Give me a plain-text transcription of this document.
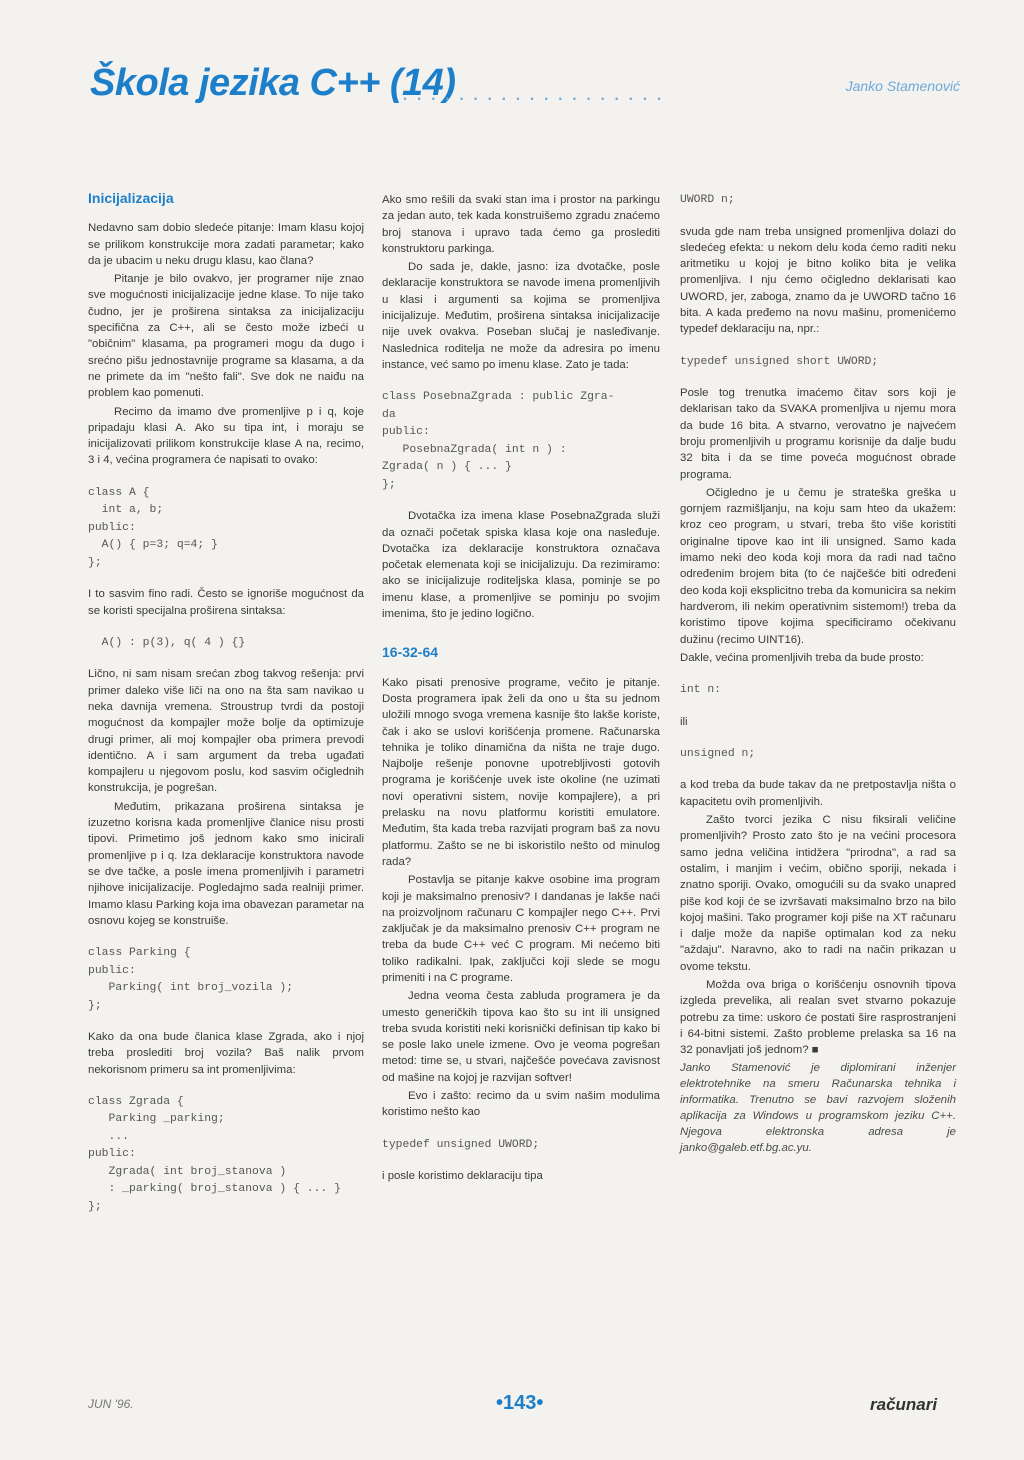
Škola jezika C++ (14)
...................	Janko Stamenović
Inicijalizacija

Nedavno sam dobio sledeće pitanje: Imam klasu kojoj se prilikom konstrukcije mora zadati parametar; kako da je ubacim u neku drugu klasu, kao člana?

Pitanje je bilo ovakvo, jer programer nije znao sve mogućnosti inicijalizacije jedne klase. To nije tako čudno, jer je proširena sintaksa za inicijalizaciju specifična za C++, ali se često može izbeći u "običnim" klasama, pa programeri mogu da dugo i srećno pišu jednostavnije programe sa klasama, a da ne primete da im "nešto fali". Sve dok ne naiđu na problem kao pomenuti.

Recimo da imamo dve promenljive p i q, koje pripadaju klasi A. Ako su tipa int, i moraju se inicijalizovati prilikom konstrukcije klase A na, recimo, 3 i 4, većina programera će napisati to ovako:

class A {
int a, b;
public:
A() { p=3; q=4; }
};

I to sasvim fino radi. Često se ignoriše mogućnost da se koristi specijalna proširena sintaksa:

A() : p(3), q( 4 ) {}

Lično, ni sam nisam srećan zbog takvog rešenja: prvi primer daleko više liči na ono na šta sam navikao u neka davnija vremena. Stroustrup tvrdi da postoji mogućnost da kompajler može bolje da optimizuje drugi primer, ali moj kompajler oba primera prevodi identično. A i sam argument da treba ugađati kompajleru u njegovom poslu, kod sasvim očiglednih konstrukcija, je pogrešan.

Međutim, prikazana proširena sintaksa je izuzetno korisna kada promenljive članice nisu prosti tipovi. Primetimo još jednom kako smo inicirali promenljive p i q. Iza deklaracije konstruktora navode se dve tačke, a posle imena promenljivih i parametri njihove inicijalizacije. Pogledajmo sada realniji primer. Imamo klasu Parking koja ima obavezan parametar na osnovu kojeg se konstruiše.

class Parking {
public:
Parking( int broj_vozila );
};

Kako da ona bude članica klase Zgrada, ako i njoj treba proslediti broj vozila? Baš nalik prvom nekorisnom primeru sa int promenljivima:

class Zgrada {
Parking _parking;
...
public:
Zgrada( int broj_stanova )
: _parking( broj_stanova ) { ... }
};

Ako smo rešili da svaki stan ima i prostor na parkingu za jedan auto, tek kada konstruišemo zgradu znaćemo broj stanova i upravo tada ćemo ga proslediti konstruktoru parkinga.

Do sada je, dakle, jasno: iza dvotačke, posle deklaracije konstruktora se navode imena promenljivih u klasi i argumenti sa kojima se promenljiva inicijalizuje. Međutim, proširena sintaksa inicijalizacije nije uvek ovakva. Poseban slučaj je nasleđivanje. Naslednica roditelja ne može da adresira po imenu instance, već samo po imenu klase. Zato je tada:

class PosebnaZgrada : public Zgra-
da
public:
PosebnaZgrada( int n ) :
Zgrada( n ) { ... }
};

Dvotačka iza imena klase PosebnaZgrada služi da označi početak spiska klasa koje ona nasleđuje. Dvotačka iza deklaracije konstruktora označava početak elemenata koji se inicijalizuju. Da rezimiramo: ako se inicijalizuje roditeljska klasa, pominje se po imenu klase, a promenljive se pominju po svojim imenima, što je jedino logično.

16-32-64

Kako pisati prenosive programe, večito je pitanje. Dosta programera ipak želi da ono u šta su jednom uložili mnogo svoga vremena kasnije što lakše koriste, čak i ako se uslovi korišćenja promene. Računarska tehnika je toliko dinamična da ništa ne traje dugo. Najbolje rešenje ponovne upotrebljivosti gotovih programa je korišćenje uvek iste okoline (ne uzimati novi operativni sistem, novije kompajlere), a pri prelasku na novu platformu koristiti emulatore. Međutim, šta kada treba razvijati program baš za novu platformu. Zašto se ne bi iskoristilo nešto od minulog rada?

Postavlja se pitanje kakve osobine ima program koji je maksimalno prenosiv? I dandanas je lakše naći na proizvoljnom računaru C kompajler nego C++. Prvi zaključak je da maksimalno prenosiv C++ program ne treba da bude C++ već C program. Mi nećemo biti toliko radikalni. Ipak, zaključci koji slede se mogu primeniti i na C programe.

Jedna veoma česta zabluda programera je da umesto generičkih tipova kao što su int ili unsigned treba svuda koristiti neki korisnički definisan tip kako bi se posle lako unele izmene. Ovo je veoma pogrešan metod: time se, u stvari, najčešće povećava zavisnost od mašine na kojoj je razvijan softver!

Evo i zašto: recimo da u svim našim modulima koristimo nešto kao

typedef unsigned UWORD;

i posle koristimo deklaraciju tipa

UWORD n;

svuda gde nam treba unsigned promenljiva dolazi do sledećeg efekta: u nekom delu koda ćemo raditi neku aritmetiku u kojoj je bitno koliko bita je velika promenljiva. I nju ćemo očigledno deklarisati kao UWORD, jer, zaboga, znamo da je UWORD tačno 16 bita. A kada pređemo na novu mašinu, promenićemo typedef deklaraciju na, npr.:

typedef unsigned short UWORD;

Posle tog trenutka imaćemo čitav sors koji je deklarisan tako da SVAKA promenljiva u njemu mora da bude 16 bita. A stvarno, verovatno je najvećem broju promenljivih u programu korisnije da dalje budu 32 bita i da se time poveća mogućnost obrade programa.

Očigledno je u čemu je strateška greška u gornjem razmišljanju, na koju sam hteo da ukažem: kroz ceo program, u stvari, treba što više koristiti originalne tipove kao int ili unsigned. Samo kada imamo neki deo koda koji mora da radi nad tačno određenim brojem bita (to će najčešće biti određeni deo koda koji eksplicitno treba da komunicira sa nekim hardverom, ili nekim operativnim sistemom!) treba da koristimo tipove kojima specificiramo očekivanu dužinu (recimo UINT16).

Dakle, većina promenljivih treba da bude prosto:

int n:

ili

unsigned n;

a kod treba da bude takav da ne pretpostavlja ništa o kapacitetu ovih promenljivih.

Zašto tvorci jezika C nisu fiksirali veličine promenljivih? Prosto zato što je na većini procesora samo jedna veličina intidžera "prirodna", a rad sa ostalim, i manjim i većim, obično sporiji, nekada i znatno sporiji. Ovako, omogućili su da svako unapred piše kod koji će se izvršavati maksimalno brzo na bilo kojoj mašini. Tako programer koji piše na XT računaru i dalje može da napiše optimalan kod za neku "aždaju". Naravno, ako to radi na način prikazan u ovome tekstu.

Možda ova briga o korišćenju osnovnih tipova izgleda prevelika, ali realan svet stvarno pokazuje potrebu za time: uskoro će postati šire rasprostranjeni i 64-bitni sistemi. Zašto probleme prelaska sa 16 na 32 ponavljati još jednom? ■

Janko Stamenović je diplomirani inženjer elektrotehnike na smeru Računarska tehnika i informatika. Trenutno se bavi razvojem složenih aplikacija za Windows u programskom jeziku C++. Njegova elektronska adresa je janko@galeb.etf.bg.ac.yu.

JUN '96.	•143•	računari
